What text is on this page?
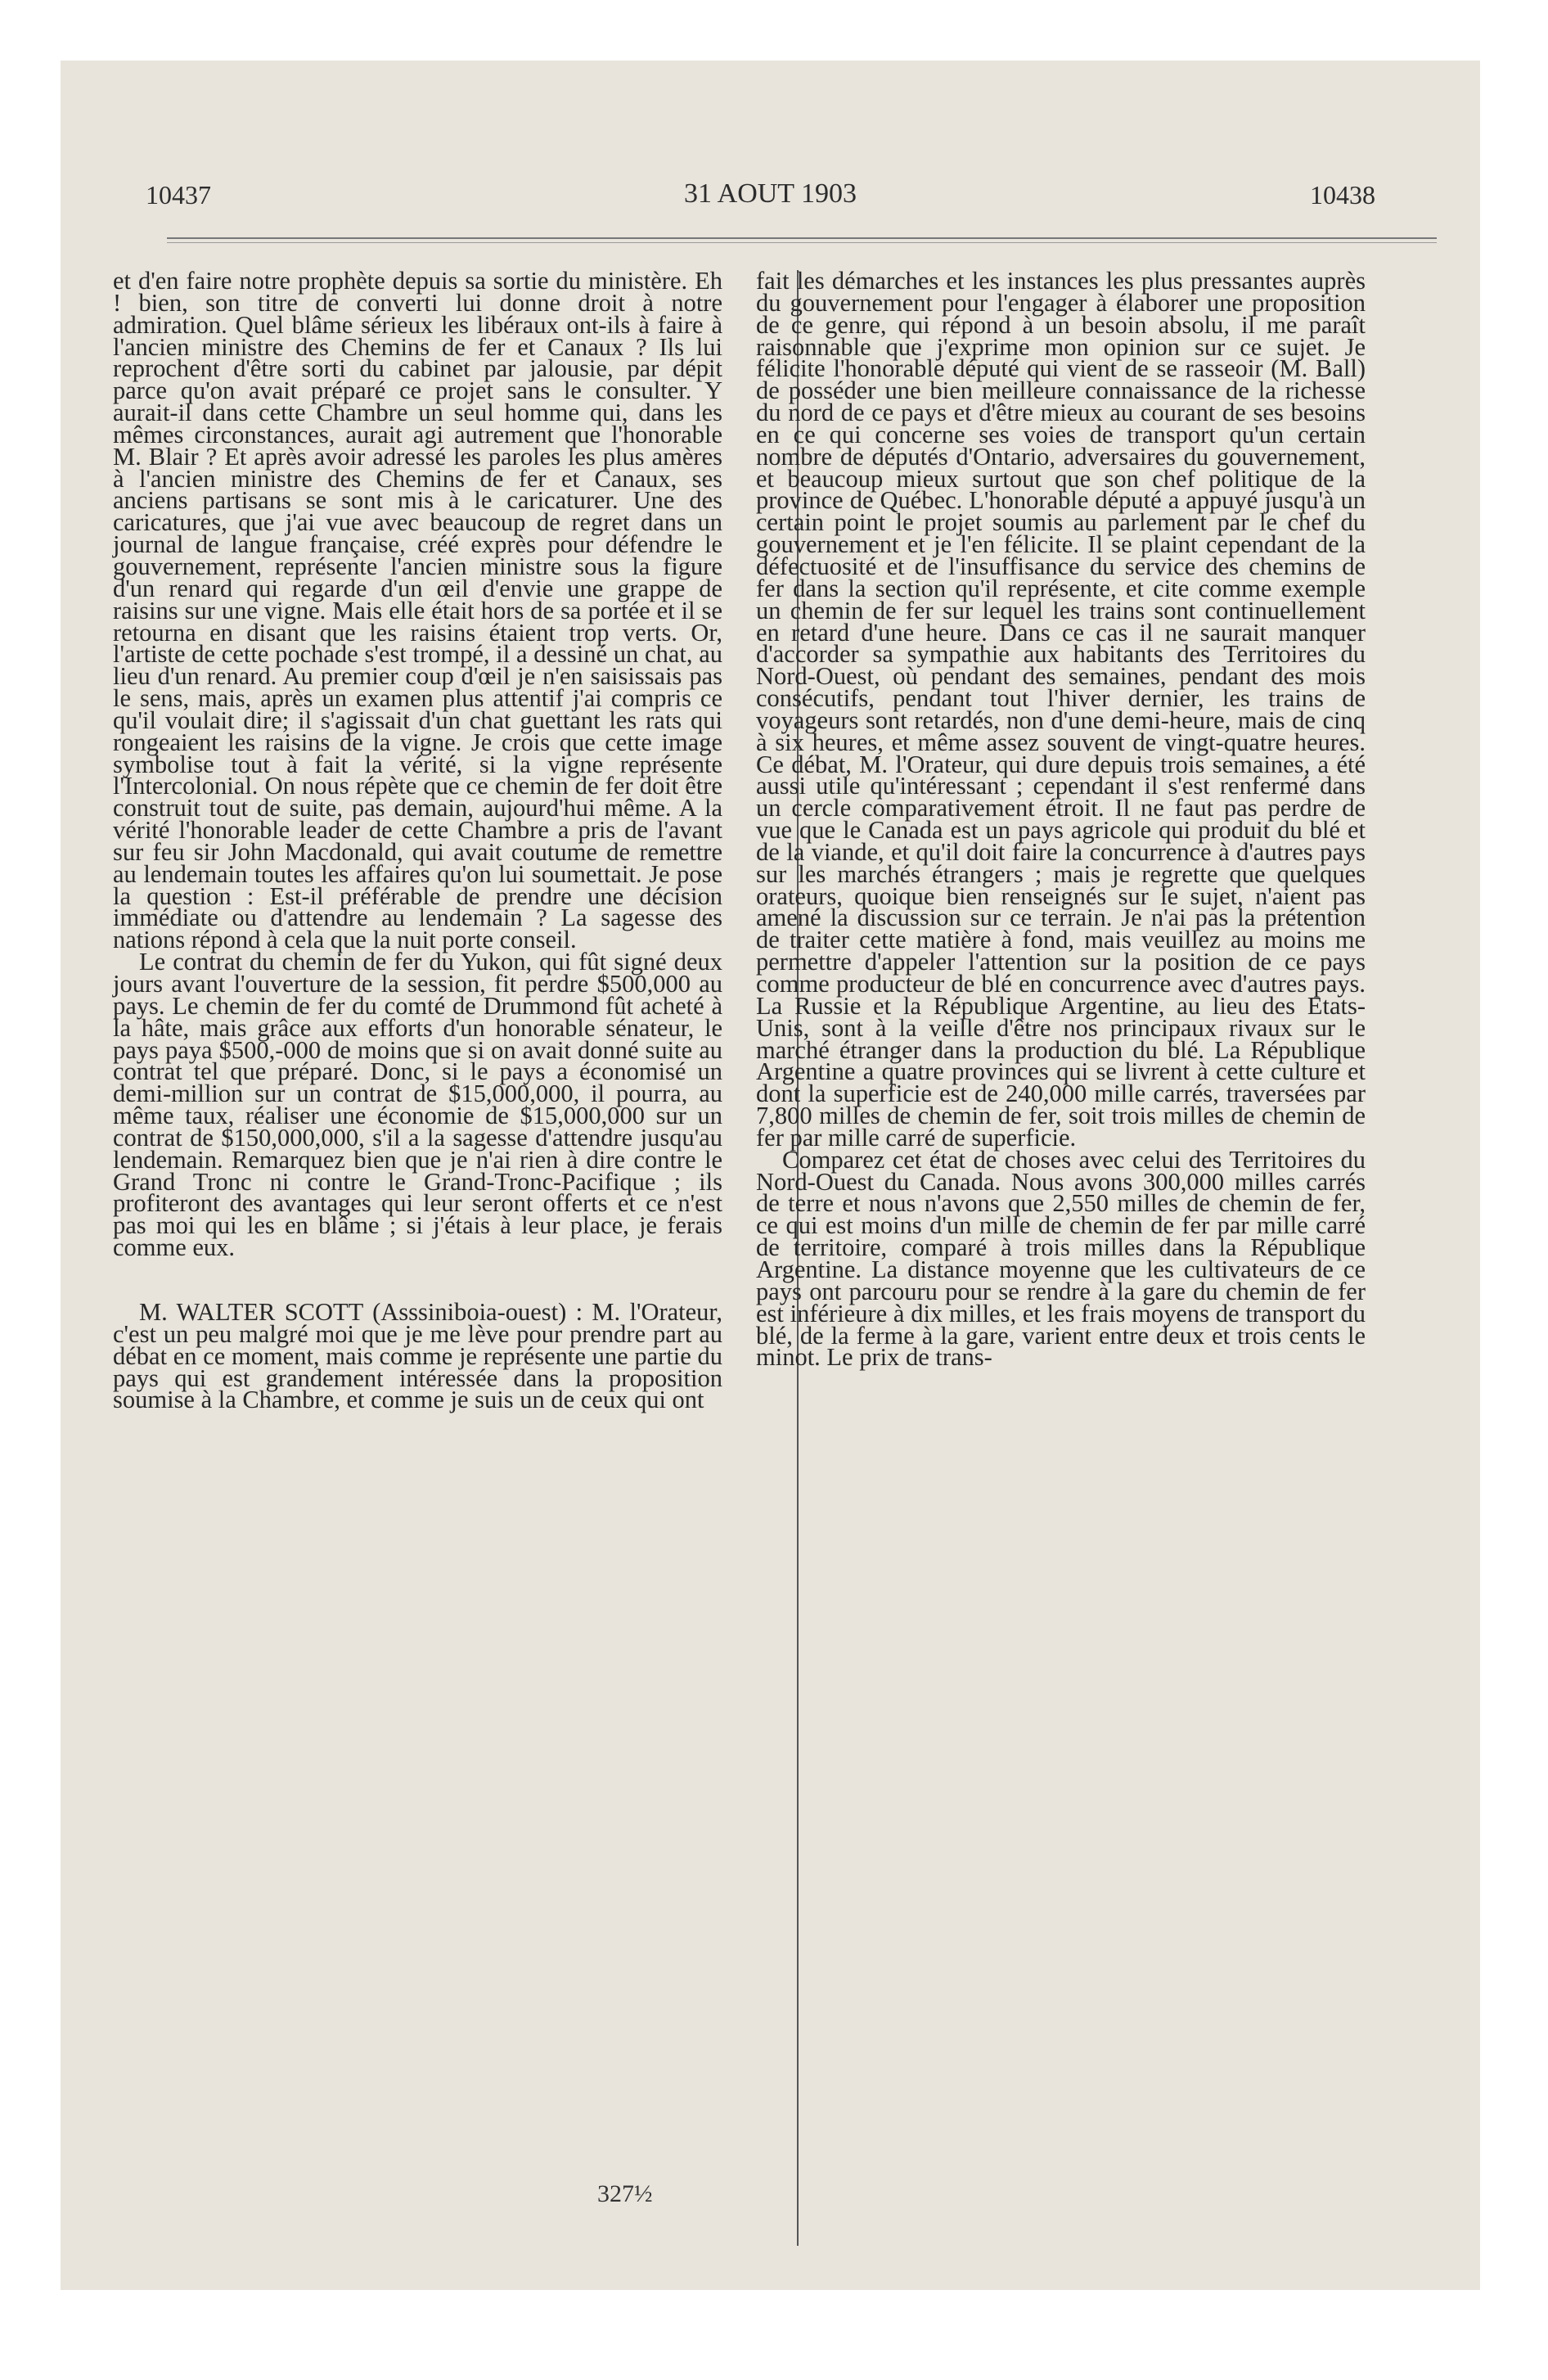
10437	31 AOUT 1903	10438

et d'en faire notre prophète depuis sa sortie du ministère. Eh ! bien, son titre de converti lui donne droit à notre admiration. Quel blâme sérieux les libéraux ont-ils à faire à l'ancien ministre des Chemins de fer et Canaux ? Ils lui reprochent d'être sorti du cabinet par jalousie, par dépit parce qu'on avait préparé ce projet sans le consulter. Y aurait-il dans cette Chambre un seul homme qui, dans les mêmes circonstances, aurait agi autrement que l'honorable M. Blair ? Et après avoir adressé les paroles les plus amères à l'ancien ministre des Chemins de fer et Canaux, ses anciens partisans se sont mis à le caricaturer. Une des caricatures, que j'ai vue avec beaucoup de regret dans un journal de langue française, créé exprès pour défendre le gouvernement, représente l'ancien ministre sous la figure d'un renard qui regarde d'un œil d'envie une grappe de raisins sur une vigne. Mais elle était hors de sa portée et il se retourna en disant que les raisins étaient trop verts. Or, l'artiste de cette pochade s'est trompé, il a dessiné un chat, au lieu d'un renard. Au premier coup d'œil je n'en saisissais pas le sens, mais, après un examen plus attentif j'ai compris ce qu'il voulait dire; il s'agissait d'un chat guettant les rats qui rongeaient les raisins de la vigne. Je crois que cette image symbolise tout à fait la vérité, si la vigne représente l'Intercolonial. On nous répète que ce chemin de fer doit être construit tout de suite, pas demain, aujourd'hui même. A la vérité l'honorable leader de cette Chambre a pris de l'avant sur feu sir John Macdonald, qui avait coutume de remettre au lendemain toutes les affaires qu'on lui soumettait. Je pose la question : Est-il préférable de prendre une décision immédiate ou d'attendre au lendemain ? La sagesse des nations répond à cela que la nuit porte conseil.

Le contrat du chemin de fer du Yukon, qui fût signé deux jours avant l'ouverture de la session, fit perdre $500,000 au pays. Le chemin de fer du comté de Drummond fût acheté à la hâte, mais grâce aux efforts d'un honorable sénateur, le pays paya $500,-000 de moins que si on avait donné suite au contrat tel que préparé. Donc, si le pays a économisé un demi-million sur un contrat de $15,000,000, il pourra, au même taux, réaliser une économie de $15,000,000 sur un contrat de $150,000,000, s'il a la sagesse d'attendre jusqu'au lendemain. Remarquez bien que je n'ai rien à dire contre le Grand Tronc ni contre le Grand-Tronc-Pacifique ; ils profiteront des avantages qui leur seront offerts et ce n'est pas moi qui les en blâme ; si j'étais à leur place, je ferais comme eux.

M. WALTER SCOTT (Asssiniboia-ouest) : M. l'Orateur, c'est un peu malgré moi que je me lève pour prendre part au débat en ce moment, mais comme je représente une partie du pays qui est grandement intéressée dans la proposition soumise à la Chambre, et comme je suis un de ceux qui ont

fait les démarches et les instances les plus pressantes auprès du gouvernement pour l'engager à élaborer une proposition de ce genre, qui répond à un besoin absolu, il me paraît raisonnable que j'exprime mon opinion sur ce sujet. Je félicite l'honorable député qui vient de se rasseoir (M. Ball) de posséder une bien meilleure connaissance de la richesse du nord de ce pays et d'être mieux au courant de ses besoins en ce qui concerne ses voies de transport qu'un certain nombre de députés d'Ontario, adversaires du gouvernement, et beaucoup mieux surtout que son chef politique de la province de Québec. L'honorable député a appuyé jusqu'à un certain point le projet soumis au parlement par le chef du gouvernement et je l'en félicite. Il se plaint cependant de la défectuosité et de l'insuffisance du service des chemins de fer dans la section qu'il représente, et cite comme exemple un chemin de fer sur lequel les trains sont continuellement en retard d'une heure. Dans ce cas il ne saurait manquer d'accorder sa sympathie aux habitants des Territoires du Nord-Ouest, où pendant des semaines, pendant des mois consécutifs, pendant tout l'hiver dernier, les trains de voyageurs sont retardés, non d'une demi-heure, mais de cinq à six heures, et même assez souvent de vingt-quatre heures. Ce débat, M. l'Orateur, qui dure depuis trois semaines, a été aussi utile qu'intéressant ; cependant il s'est renfermé dans un cercle comparativement étroit. Il ne faut pas perdre de vue que le Canada est un pays agricole qui produit du blé et de la viande, et qu'il doit faire la concurrence à d'autres pays sur les marchés étrangers ; mais je regrette que quelques orateurs, quoique bien renseignés sur le sujet, n'aient pas amené la discussion sur ce terrain. Je n'ai pas la prétention de traiter cette matière à fond, mais veuillez au moins me permettre d'appeler l'attention sur la position de ce pays comme producteur de blé en concurrence avec d'autres pays. La Russie et la République Argentine, au lieu des Etats-Unis, sont à la veille d'être nos principaux rivaux sur le marché étranger dans la production du blé. La République Argentine a quatre provinces qui se livrent à cette culture et dont la superficie est de 240,000 mille carrés, traversées par 7,800 milles de chemin de fer, soit trois milles de chemin de fer par mille carré de superficie.

Comparez cet état de choses avec celui des Territoires du Nord-Ouest du Canada. Nous avons 300,000 milles carrés de terre et nous n'avons que 2,550 milles de chemin de fer, ce qui est moins d'un mille de chemin de fer par mille carré de territoire, comparé à trois milles dans la République Argentine. La distance moyenne que les cultivateurs de ce pays ont parcouru pour se rendre à la gare du chemin de fer est inférieure à dix milles, et les frais moyens de transport du blé, de la ferme à la gare, varient entre deux et trois cents le minot. Le prix de trans-

327½
